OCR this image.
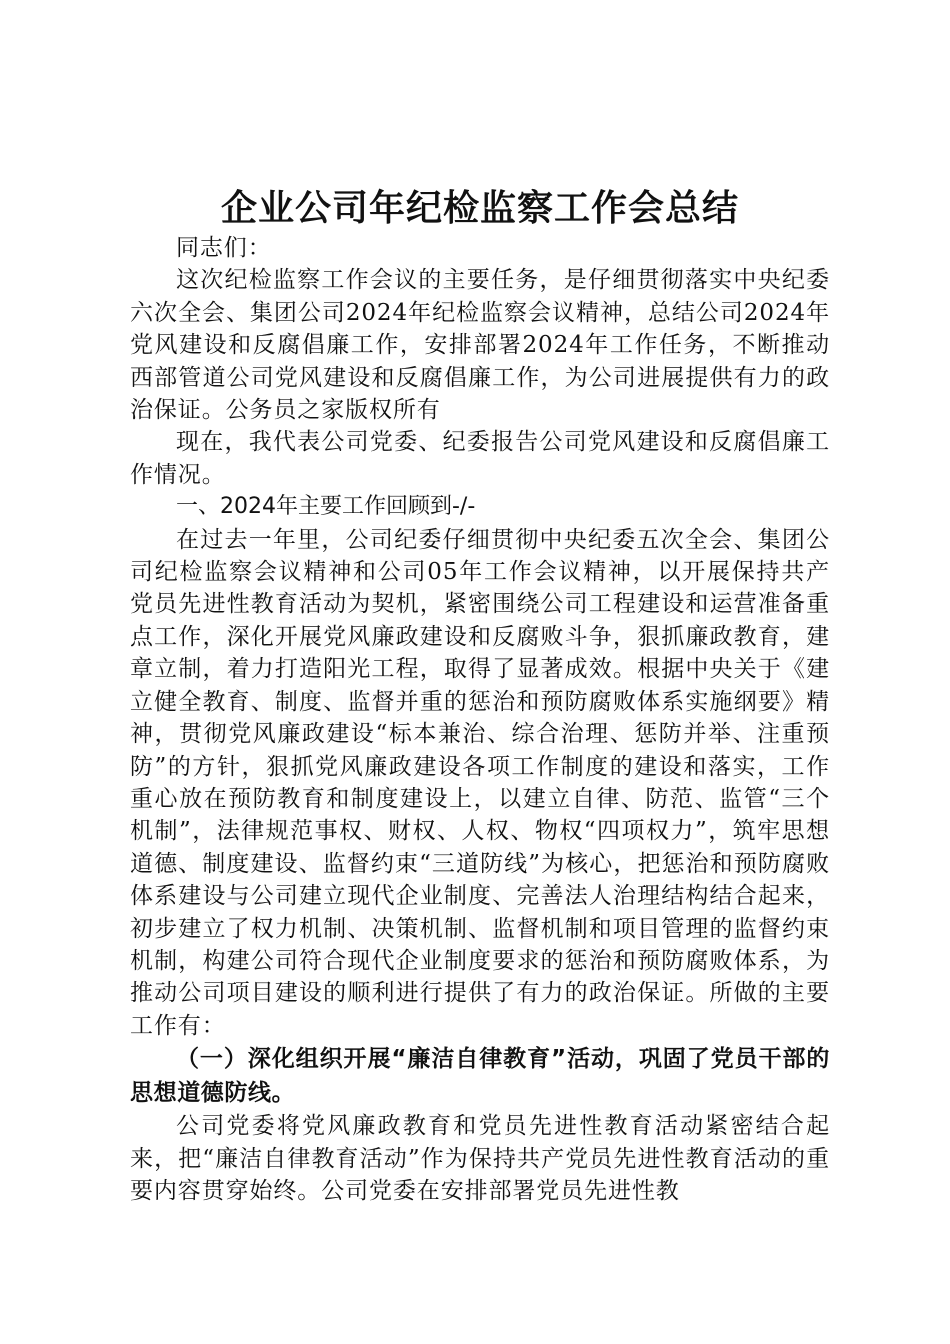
企业公司年纪检监察工作会总结

同志们：

这次纪检监察工作会议的主要任务，是仔细贯彻落实中央纪委六次全会、集团公司2024年纪检监察会议精神，总结公司2024年党风建设和反腐倡廉工作，安排部署2024年工作任务，不断推动西部管道公司党风建设和反腐倡廉工作，为公司进展提供有力的政治保证。公务员之家版权所有

现在，我代表公司党委、纪委报告公司党风建设和反腐倡廉工作情况。

一、2024年主要工作回顾到-/-

在过去一年里，公司纪委仔细贯彻中央纪委五次全会、集团公司纪检监察会议精神和公司05年工作会议精神，以开展保持共产党员先进性教育活动为契机，紧密围绕公司工程建设和运营准备重点工作，深化开展党风廉政建设和反腐败斗争，狠抓廉政教育，建章立制，着力打造阳光工程，取得了显著成效。根据中央关于《建立健全教育、制度、监督并重的惩治和预防腐败体系实施纲要》精神，贯彻党风廉政建设“标本兼治、综合治理、惩防并举、注重预防”的方针，狠抓党风廉政建设各项工作制度的建设和落实，工作重心放在预防教育和制度建设上，以建立自律、防范、监管“三个机制”，法律规范事权、财权、人权、物权“四项权力”，筑牢思想道德、制度建设、监督约束“三道防线”为核心，把惩治和预防腐败体系建设与公司建立现代企业制度、完善法人治理结构结合起来，初步建立了权力机制、决策机制、监督机制和项目管理的监督约束机制，构建公司符合现代企业制度要求的惩治和预防腐败体系，为推动公司项目建设的顺利进行提供了有力的政治保证。所做的主要工作有：

（一）深化组织开展“廉洁自律教育”活动，巩固了党员干部的思想道德防线。

公司党委将党风廉政教育和党员先进性教育活动紧密结合起来，把“廉洁自律教育活动”作为保持共产党员先进性教育活动的重要内容贯穿始终。公司党委在安排部署党员先进性教
